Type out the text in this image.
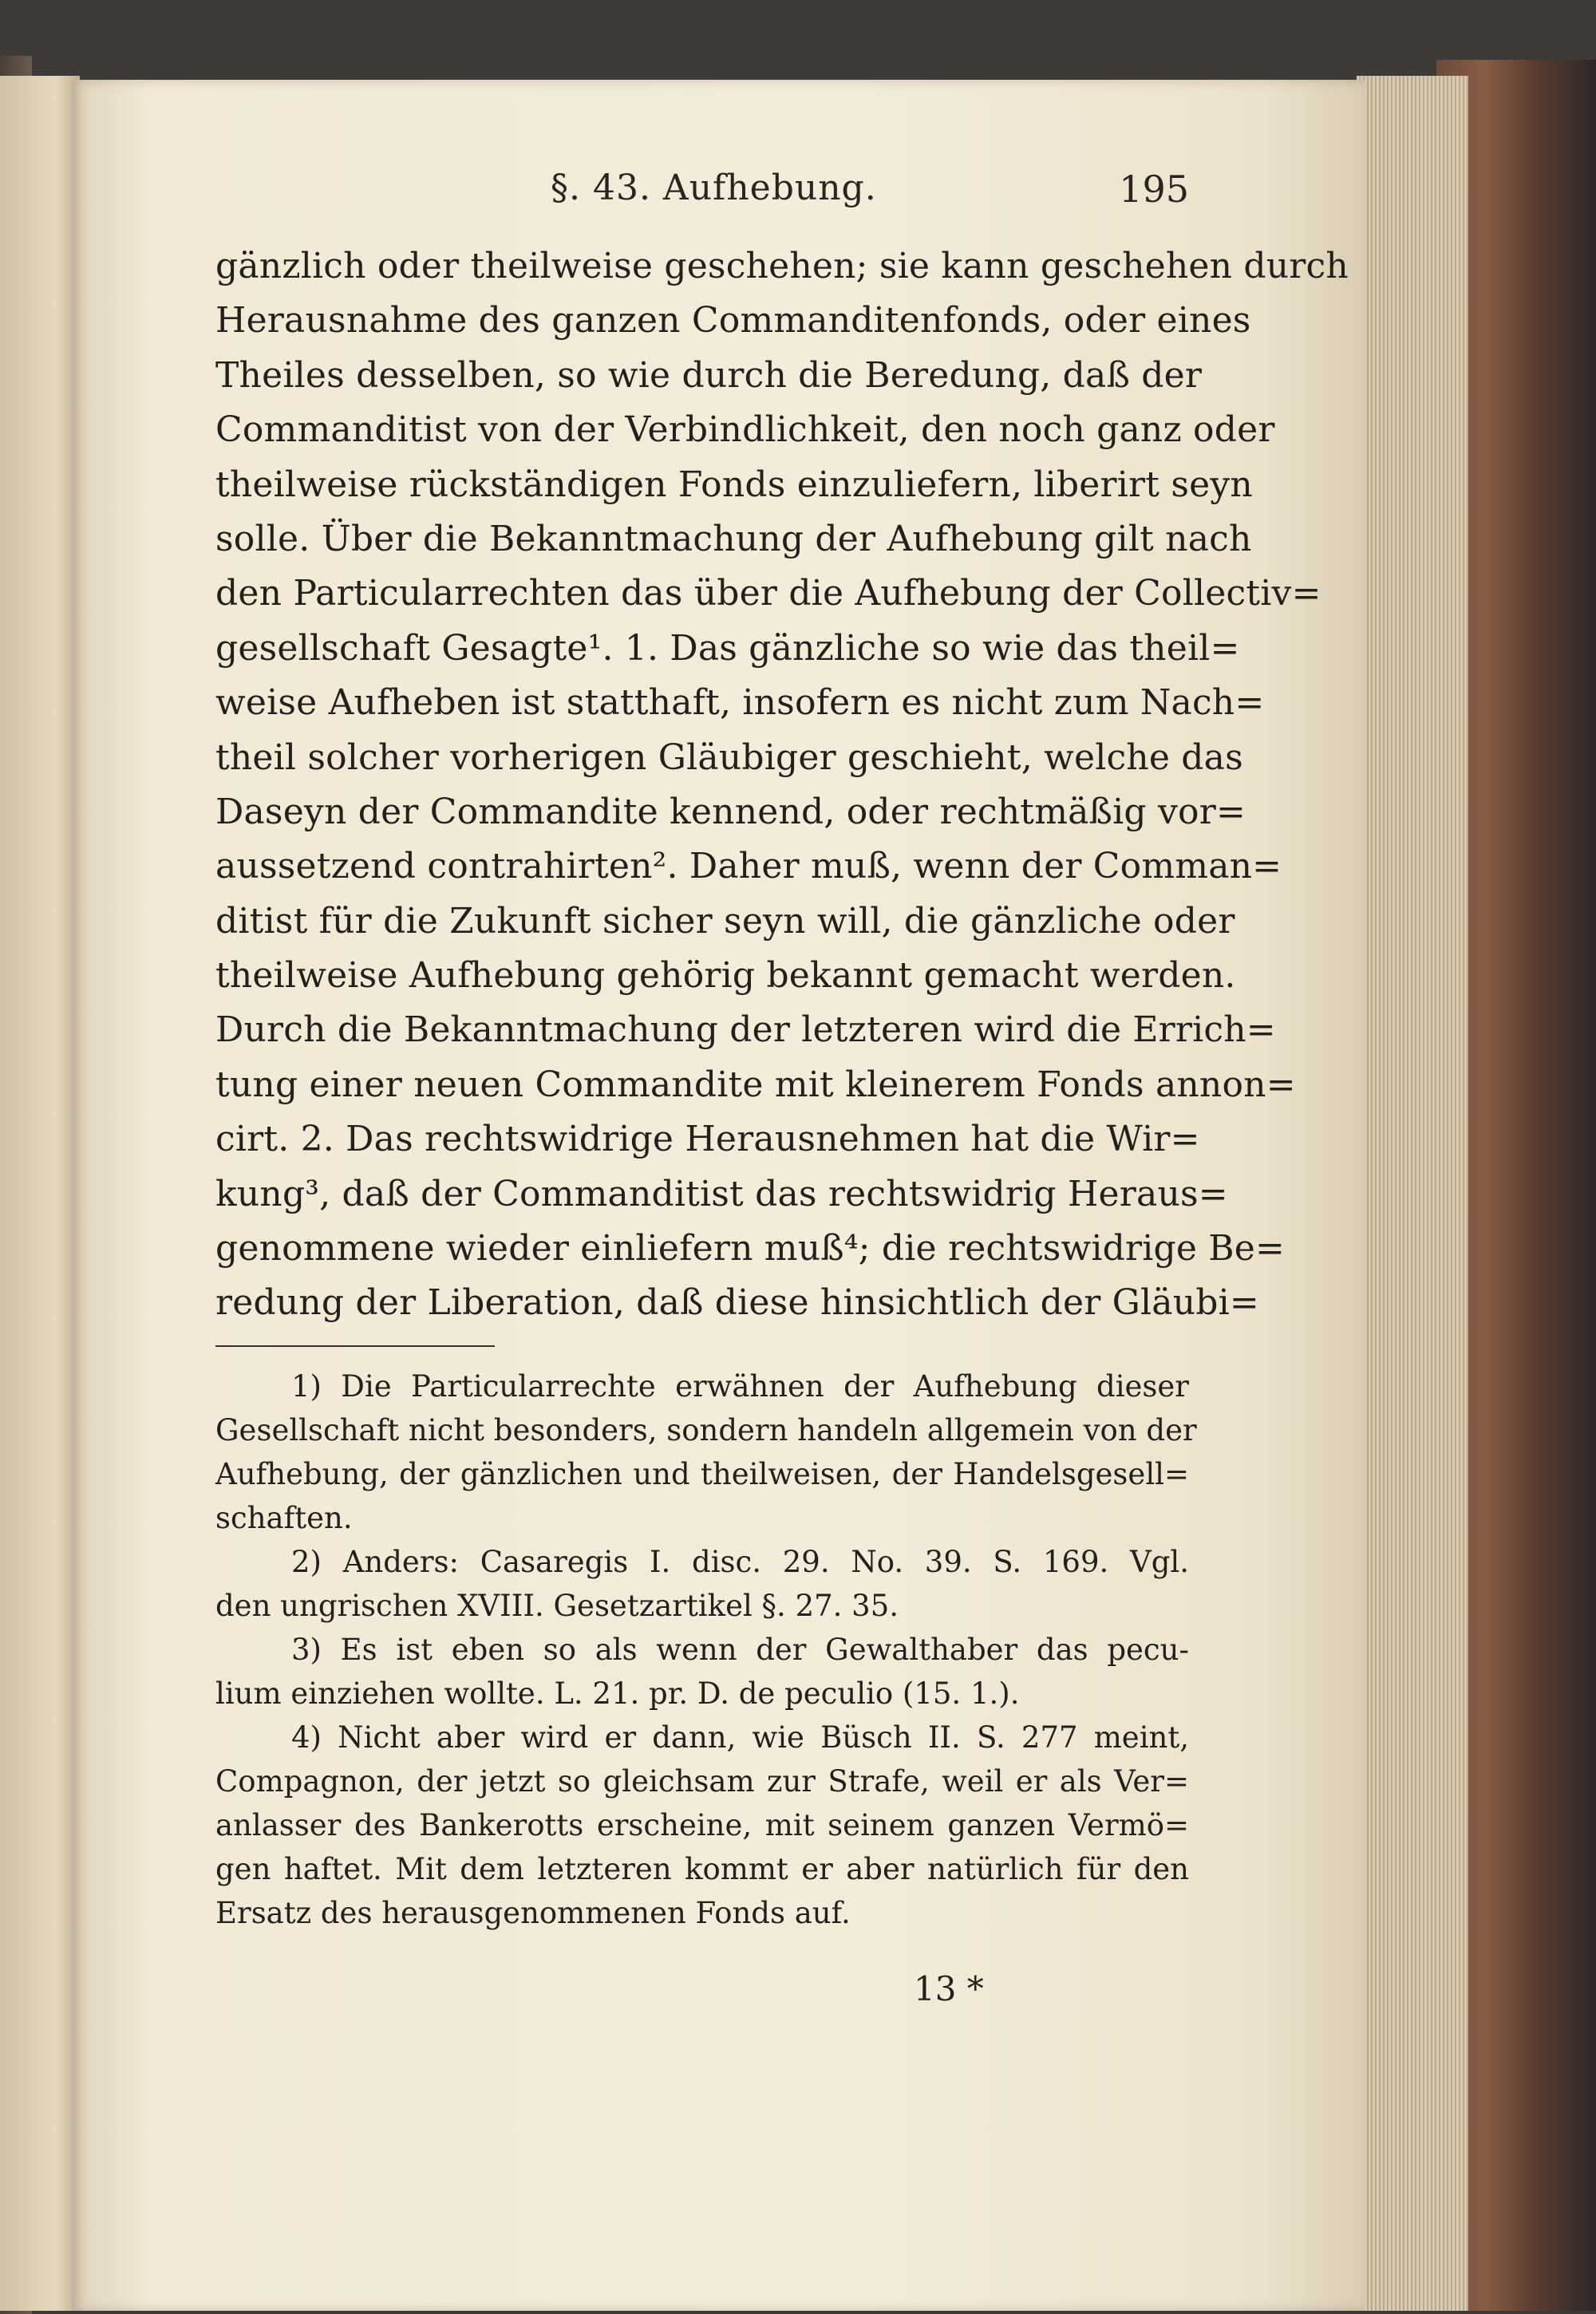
§. 43. Aufhebung.	195
gänzlich oder theilweise geschehen; sie kann geschehen durch
Herausnahme des ganzen Commanditenfonds, oder eines
Theiles desselben, so wie durch die Beredung, daß der
Commanditist von der Verbindlichkeit, den noch ganz oder
theilweise rückständigen Fonds einzuliefern, liberirt seyn
solle. Über die Bekanntmachung der Aufhebung gilt nach
den Particularrechten das über die Aufhebung der Collectiv=
gesellschaft Gesagte¹. 1. Das gänzliche so wie das theil=
weise Aufheben ist statthaft, insofern es nicht zum Nach=
theil solcher vorherigen Gläubiger geschieht, welche das
Daseyn der Commandite kennend, oder rechtmäßig vor=
aussetzend contrahirten². Daher muß, wenn der Comman=
ditist für die Zukunft sicher seyn will, die gänzliche oder
theilweise Aufhebung gehörig bekannt gemacht werden.
Durch die Bekanntmachung der letzteren wird die Errich=
tung einer neuen Commandite mit kleinerem Fonds annon=
cirt. 2. Das rechtswidrige Herausnehmen hat die Wir=
kung³, daß der Commanditist das rechtswidrig Heraus=
genommene wieder einliefern muß⁴; die rechtswidrige Be=
redung der Liberation, daß diese hinsichtlich der Gläubi=
1) Die Particularrechte erwähnen der Aufhebung dieser
Gesellschaft nicht besonders, sondern handeln allgemein von der
Aufhebung, der gänzlichen und theilweisen, der Handelsgesell=
schaften.
2) Anders: Casaregis I. disc. 29. No. 39. S. 169. Vgl.
den ungrischen XVIII. Gesetzartikel §. 27. 35.
3) Es ist eben so als wenn der Gewalthaber das pecu-
lium einziehen wollte. L. 21. pr. D. de peculio (15. 1.).
4) Nicht aber wird er dann, wie Büsch II. S. 277 meint,
Compagnon, der jetzt so gleichsam zur Strafe, weil er als Ver=
anlasser des Bankerotts erscheine, mit seinem ganzen Vermö=
gen haftet. Mit dem letzteren kommt er aber natürlich für den
Ersatz des herausgenommenen Fonds auf.
13 *
